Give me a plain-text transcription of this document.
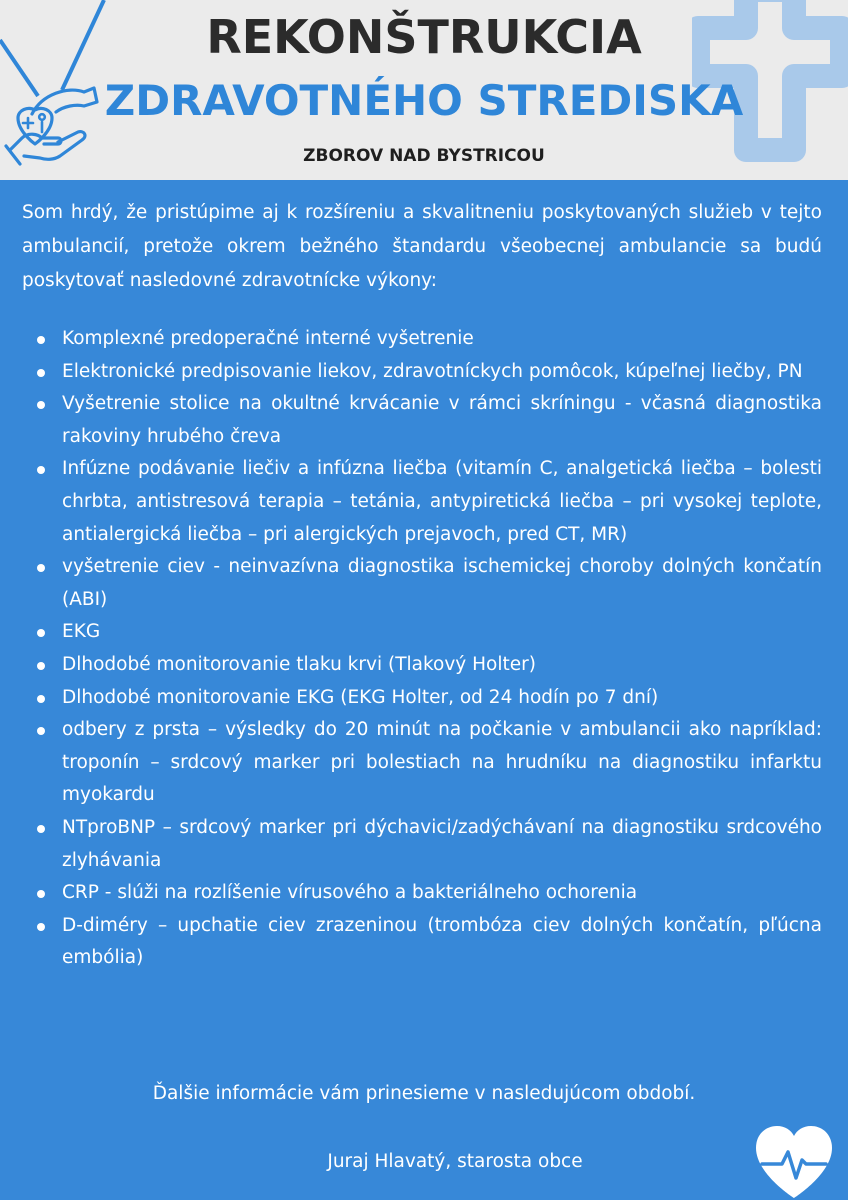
REKONŠTRUKCIA
ZDRAVOTNÉHO STREDISKA
ZBOROV NAD BYSTRICOU

Som hrdý, že pristúpime aj k rozšíreniu a skvalitneniu poskytovaných služieb v tejto ambulancií, pretože okrem bežného štandardu všeobecnej ambulancie sa budú poskytovať nasledovné zdravotnícke výkony:

Komplexné predoperačné interné vyšetrenie
Elektronické predpisovanie liekov, zdravotníckych pomôcok, kúpeľnej liečby, PN
Vyšetrenie stolice na okultné krvácanie v rámci skríningu - včasná diagnostika rakoviny hrubého čreva
Infúzne podávanie liečiv a infúzna liečba (vitamín C, analgetická liečba – bolesti chrbta, antistresová terapia – tetánia, antypiretická liečba – pri vysokej teplote, antialergická liečba – pri alergických prejavoch, pred CT, MR)
vyšetrenie ciev - neinvazívna diagnostika ischemickej choroby dolných končatín (ABI)
EKG
Dlhodobé monitorovanie tlaku krvi (Tlakový Holter)
Dlhodobé monitorovanie EKG (EKG Holter, od 24 hodín po 7 dní)
odbery z prsta – výsledky do 20 minút na počkanie v ambulancii ako napríklad: troponín – srdcový marker pri bolestiach na hrudníku na diagnostiku infarktu myokardu
NTproBNP – srdcový marker pri dýchavici/zadýchávaní na diagnostiku srdcového zlyhávania
CRP - slúži na rozlíšenie vírusového a bakteriálneho ochorenia
D-diméry – upchatie ciev zrazeninou (trombóza ciev dolných končatín, pľúcna embólia)

Ďalšie informácie vám prinesieme v nasledujúcom období.

Juraj Hlavatý, starosta obce
